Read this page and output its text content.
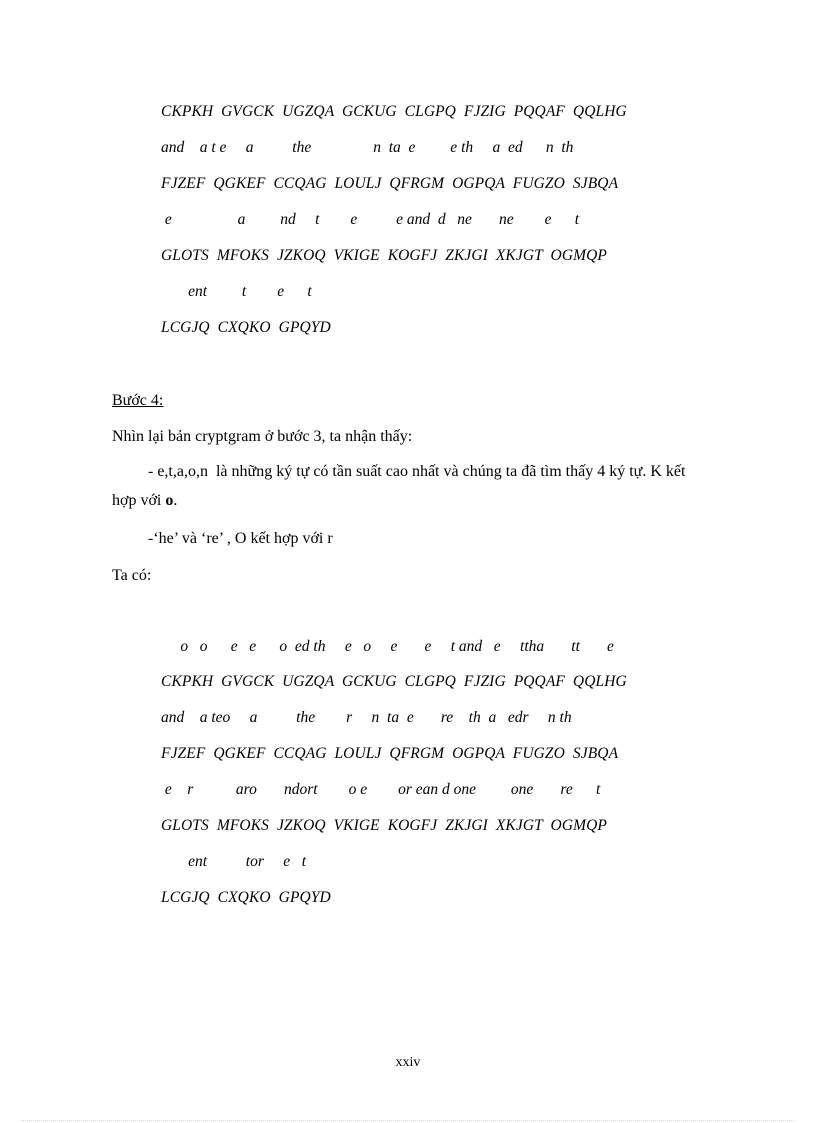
CKPKH  GVGCK  UGZQA  GCKUG  CLGPQ  FJZIG  PQQAF  QQLHG
and    a t e     a          the                n  ta  e         e th     a  ed      n  th
FJZEF  QGKEF  CCQAG  LOULJ  QFRGM  OGPQA  FUGZO  SJBQA
e                 a         nd     t        e          e and  d   ne       ne        e      t
GLOTS  MFOKS  JZKOQ  VKIGE  KOGFJ  ZKJGI  XKJGT  OGMQP
ent         t        e      t
LCGJQ  CXQKO  GPQYD
Bước 4:
Nhìn lại bản cryptgram ở bước 3, ta nhận thấy:
- e,t,a,o,n  là những ký tự có tần suất cao nhất và chúng ta đã tìm thấy 4 ký tự. K kết
hợp với o.
-‘he’ và ‘re’ , O kết hợp với r
Ta có:
o   o      e   e      o  ed th     e   o     e       e     t and   e     ttha       tt       e
CKPKH  GVGCK  UGZQA  GCKUG  CLGPQ  FJZIG  PQQAF  QQLHG
and    a teo     a          the        r     n  ta  e       re    th  a   edr     n th
FJZEF  QGKEF  CCQAG  LOULJ  QFRGM  OGPQA  FUGZO  SJBQA
e    r           aro       ndort        o e        or ean d one         one       re      t
GLOTS  MFOKS  JZKOQ  VKIGE  KOGFJ  ZKJGI  XKJGT  OGMQP
ent          tor     e   t
LCGJQ  CXQKO  GPQYD
xxiv
